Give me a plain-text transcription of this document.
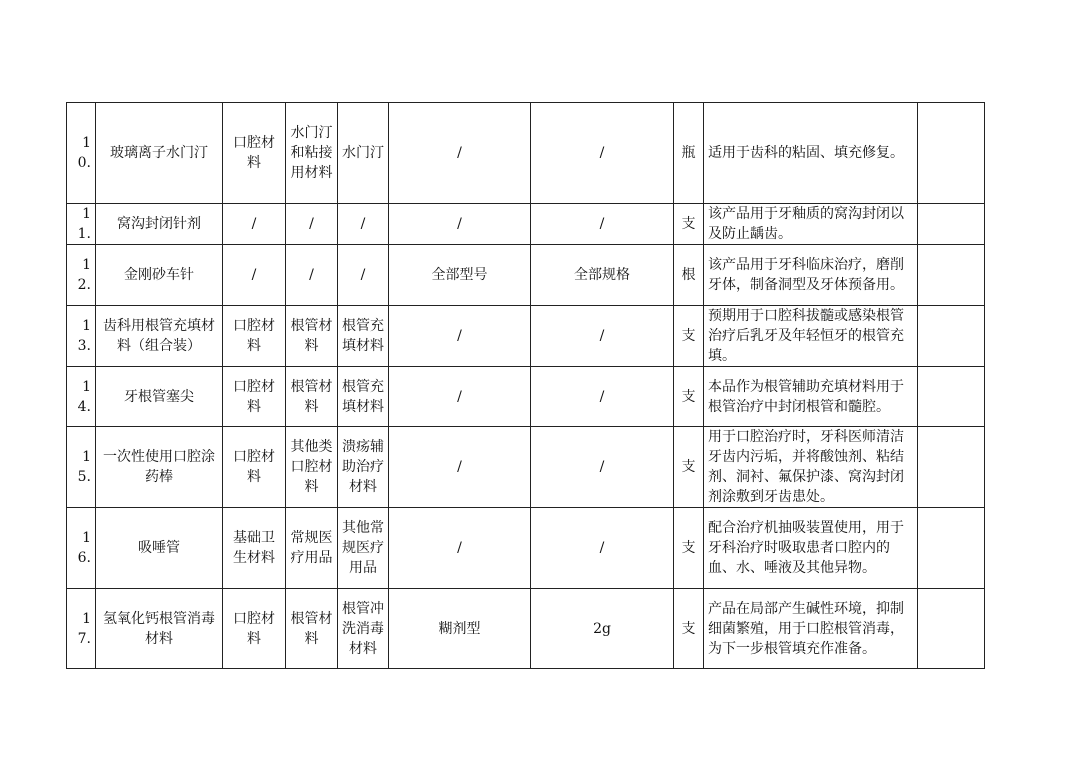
10.	玻璃离子水门汀	口腔材料	水门汀和粘接用材料	水门汀	/	/	瓶	适用于齿科的粘固、填充修复。	
11.	窝沟封闭针剂	/	/	/	/	/	支	该产品用于牙釉质的窝沟封闭以及防止龋齿。	
12.	金刚砂车针	/	/	/	全部型号	全部规格	根	该产品用于牙科临床治疗，磨削牙体，制备洞型及牙体预备用。	
13.	齿科用根管充填材料（组合装）	口腔材料	根管材料	根管充填材料	/	/	支	预期用于口腔科拔髓或感染根管治疗后乳牙及年轻恒牙的根管充填。	
14.	牙根管塞尖	口腔材料	根管材料	根管充填材料	/	/	支	本品作为根管辅助充填材料用于根管治疗中封闭根管和髓腔。	
15.	一次性使用口腔涂药棒	口腔材料	其他类口腔材料	溃疡辅助治疗材料	/	/	支	用于口腔治疗时，牙科医师清洁牙齿内污垢，并将酸蚀剂、粘结剂、洞衬、氟保护漆、窝沟封闭剂涂敷到牙齿患处。	
16.	吸唾管	基础卫生材料	常规医疗用品	其他常规医疗用品	/	/	支	配合治疗机抽吸装置使用，用于牙科治疗时吸取患者口腔内的血、水、唾液及其他异物。	
17.	氢氧化钙根管消毒材料	口腔材料	根管材料	根管冲洗消毒材料	糊剂型	2g	支	产品在局部产生碱性环境，抑制细菌繁殖，用于口腔根管消毒，为下一步根管填充作准备。	
